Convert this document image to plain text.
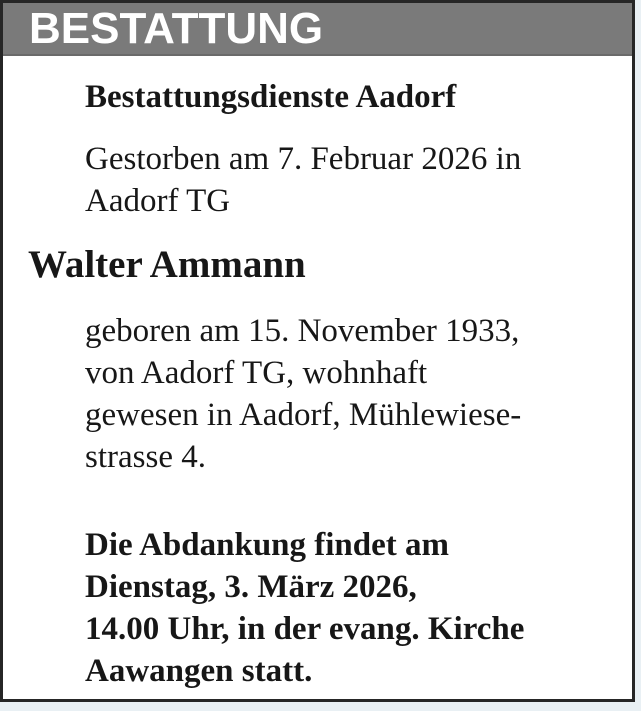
BESTATTUNG

Bestattungsdienste Aadorf

Gestorben am 7. Februar 2026 in
Aadorf TG

Walter Ammann

geboren am 15. November 1933,
von Aadorf TG, wohnhaft
gewesen in Aadorf, Mühlewiese-
strasse 4.

Die Abdankung findet am
Dienstag, 3. März 2026,
14.00 Uhr, in der evang. Kirche
Aawangen statt.
